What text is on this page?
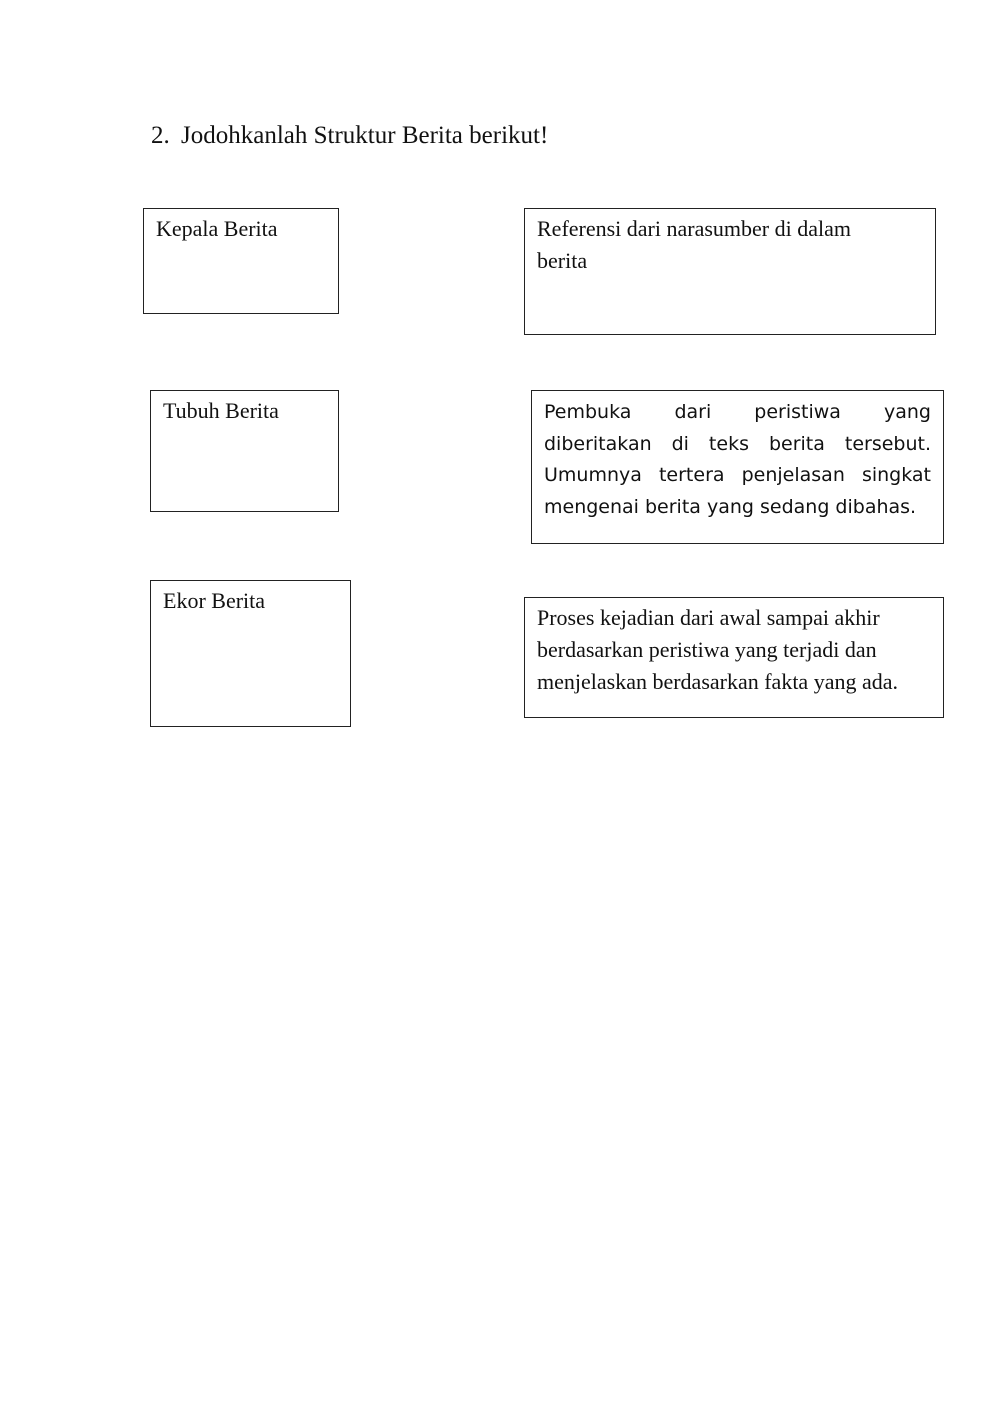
2. Jodohkanlah Struktur Berita berikut!
Kepala Berita
Tubuh Berita
Ekor Berita
Referensi dari narasumber di dalam berita
Pembuka dari peristiwa yang diberitakan di teks berita tersebut. Umumnya tertera penjelasan singkat mengenai berita yang sedang dibahas.
Proses kejadian dari awal sampai akhir berdasarkan peristiwa yang terjadi dan menjelaskan berdasarkan fakta yang ada.
